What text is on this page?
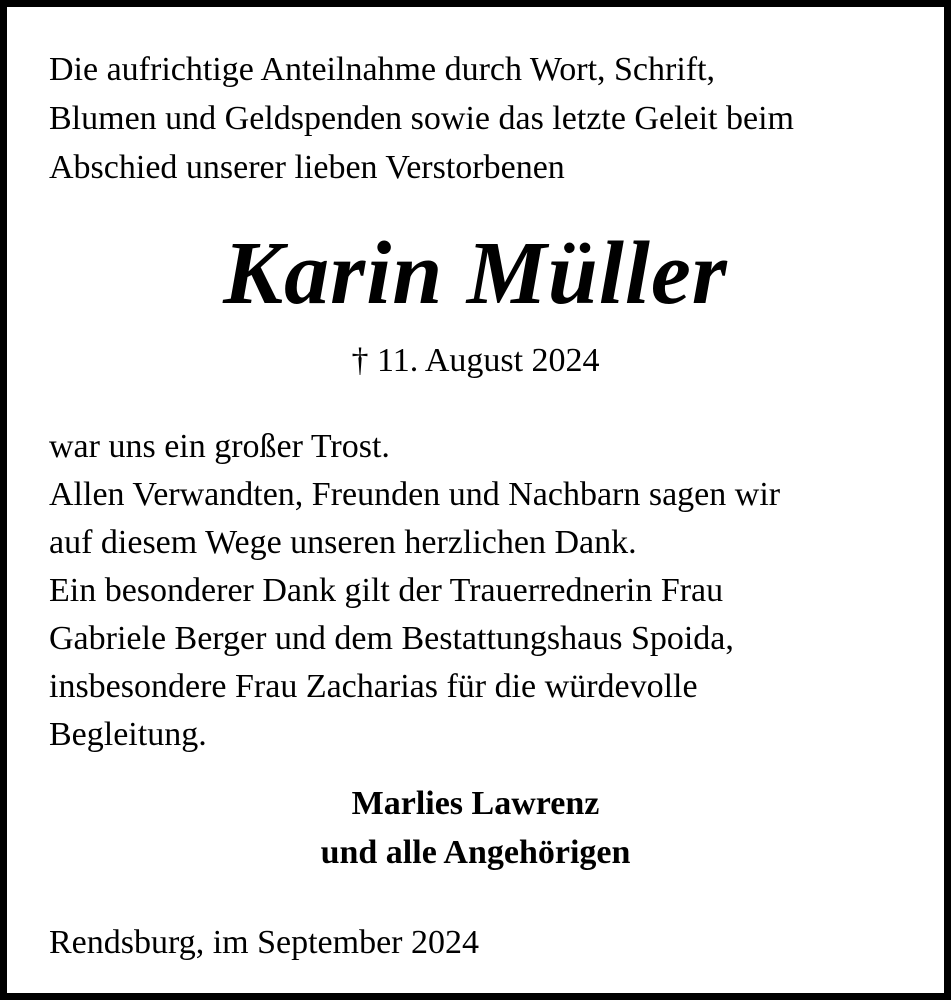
Die aufrichtige Anteilnahme durch Wort, Schrift,
Blumen und Geldspenden sowie das letzte Geleit beim
Abschied unserer lieben Verstorbenen

Karin Müller
† 11. August 2024

war uns ein großer Trost.
Allen Verwandten, Freunden und Nachbarn sagen wir
auf diesem Wege unseren herzlichen Dank.
Ein besonderer Dank gilt der Trauerrednerin Frau
Gabriele Berger und dem Bestattungshaus Spoida,
insbesondere Frau Zacharias für die würdevolle
Begleitung.

Marlies Lawrenz
und alle Angehörigen
Rendsburg, im September 2024
